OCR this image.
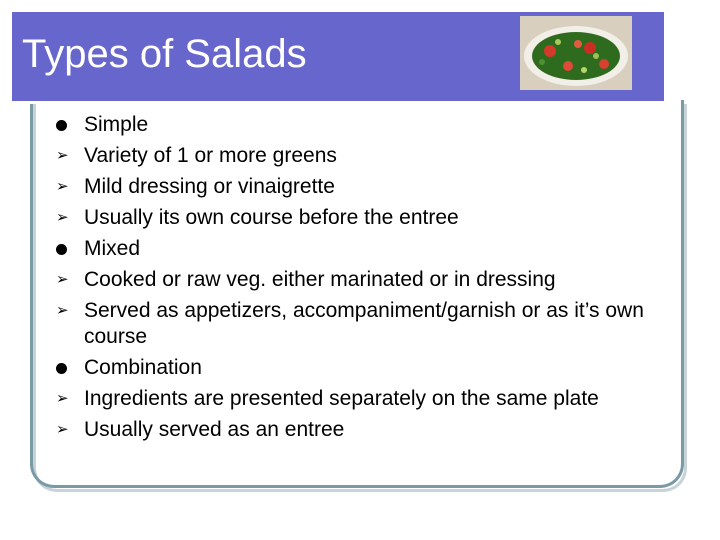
Types of Salads
Simple
➢ Variety of 1 or more greens
➢ Mild dressing or vinaigrette
➢ Usually its own course before the entree
Mixed
➢ Cooked or raw veg. either marinated or in dressing
➢ Served as appetizers, accompaniment/garnish or as it’s own course
Combination
➢ Ingredients are presented separately on the same plate
➢ Usually served as an entree
